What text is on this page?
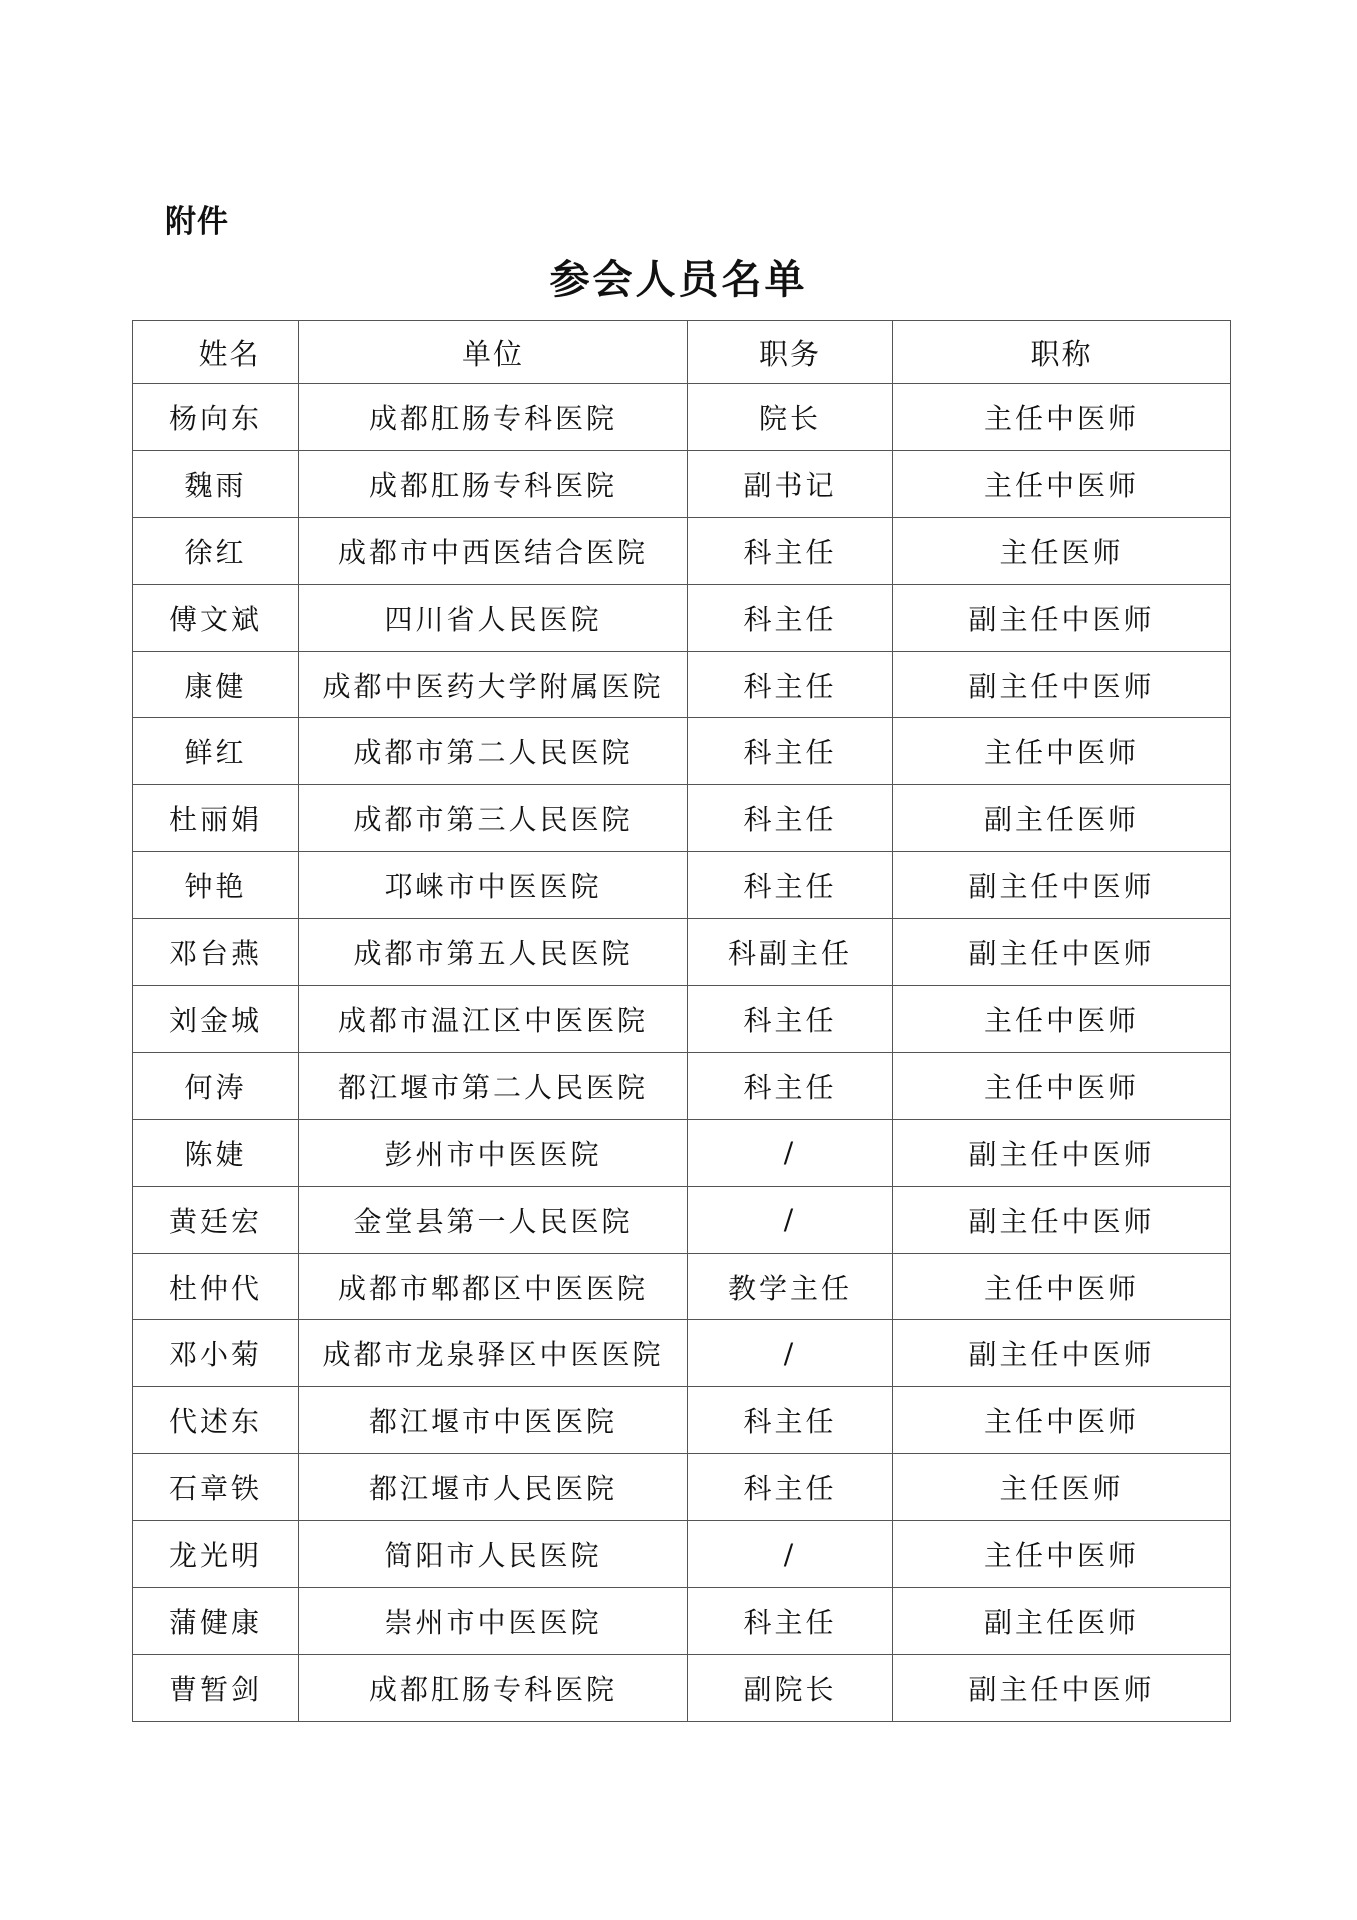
附件
参会人员名单
姓名	单位	职务	职称
杨向东	成都肛肠专科医院	院长	主任中医师
魏雨	成都肛肠专科医院	副书记	主任中医师
徐红	成都市中西医结合医院	科主任	主任医师
傅文斌	四川省人民医院	科主任	副主任中医师
康健	成都中医药大学附属医院	科主任	副主任中医师
鲜红	成都市第二人民医院	科主任	主任中医师
杜丽娟	成都市第三人民医院	科主任	副主任医师
钟艳	邛崃市中医医院	科主任	副主任中医师
邓台燕	成都市第五人民医院	科副主任	副主任中医师
刘金城	成都市温江区中医医院	科主任	主任中医师
何涛	都江堰市第二人民医院	科主任	主任中医师
陈婕	彭州市中医医院	/	副主任中医师
黄廷宏	金堂县第一人民医院	/	副主任中医师
杜仲代	成都市郫都区中医医院	教学主任	主任中医师
邓小菊	成都市龙泉驿区中医医院	/	副主任中医师
代述东	都江堰市中医医院	科主任	主任中医师
石章铁	都江堰市人民医院	科主任	主任医师
龙光明	简阳市人民医院	/	主任中医师
蒲健康	崇州市中医医院	科主任	副主任医师
曹暂剑	成都肛肠专科医院	副院长	副主任中医师
